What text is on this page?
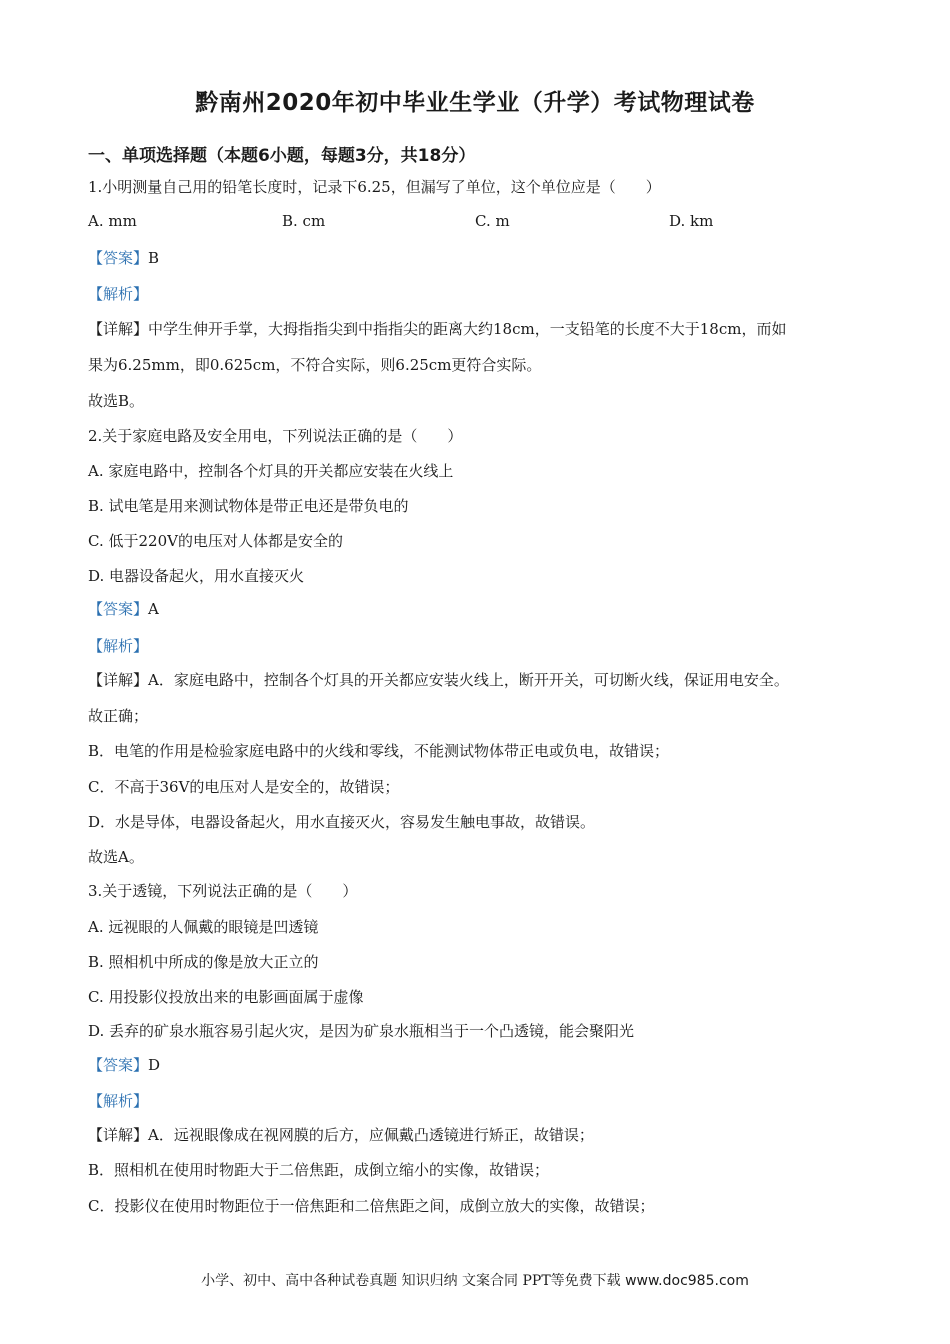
黔南州2020年初中毕业生学业（升学）考试物理试卷
一、单项选择题（本题6小题，每题3分，共18分）
1.小明测量自己用的铅笔长度时，记录下6.25，但漏写了单位，这个单位应是（　　）
A. mm	B. cm	C. m	D. km
【答案】B
【解析】
【详解】中学生伸开手掌，大拇指指尖到中指指尖的距离大约18cm，一支铅笔的长度不大于18cm，而如
果为6.25mm，即0.625cm，不符合实际，则6.25cm更符合实际。
故选B。
2.关于家庭电路及安全用电，下列说法正确的是（　　）
A. 家庭电路中，控制各个灯具的开关都应安装在火线上
B. 试电笔是用来测试物体是带正电还是带负电的
C. 低于220V的电压对人体都是安全的
D. 电器设备起火，用水直接灭火
【答案】A
【解析】
【详解】A．家庭电路中，控制各个灯具的开关都应安装火线上，断开开关，可切断火线，保证用电安全。
故正确；
B．电笔的作用是检验家庭电路中的火线和零线，不能测试物体带正电或负电，故错误；
C．不高于36V的电压对人是安全的，故错误；
D．水是导体，电器设备起火，用水直接灭火，容易发生触电事故，故错误。
故选A。
3.关于透镜，下列说法正确的是（　　）
A. 远视眼的人佩戴的眼镜是凹透镜
B. 照相机中所成的像是放大正立的
C. 用投影仪投放出来的电影画面属于虚像
D. 丢弃的矿泉水瓶容易引起火灾，是因为矿泉水瓶相当于一个凸透镜，能会聚阳光
【答案】D
【解析】
【详解】A．远视眼像成在视网膜的后方，应佩戴凸透镜进行矫正，故错误；
B．照相机在使用时物距大于二倍焦距，成倒立缩小的实像，故错误；
C．投影仪在使用时物距位于一倍焦距和二倍焦距之间，成倒立放大的实像，故错误；
小学、初中、高中各种试卷真题 知识归纳 文案合同 PPT等免费下载 www.doc985.com
